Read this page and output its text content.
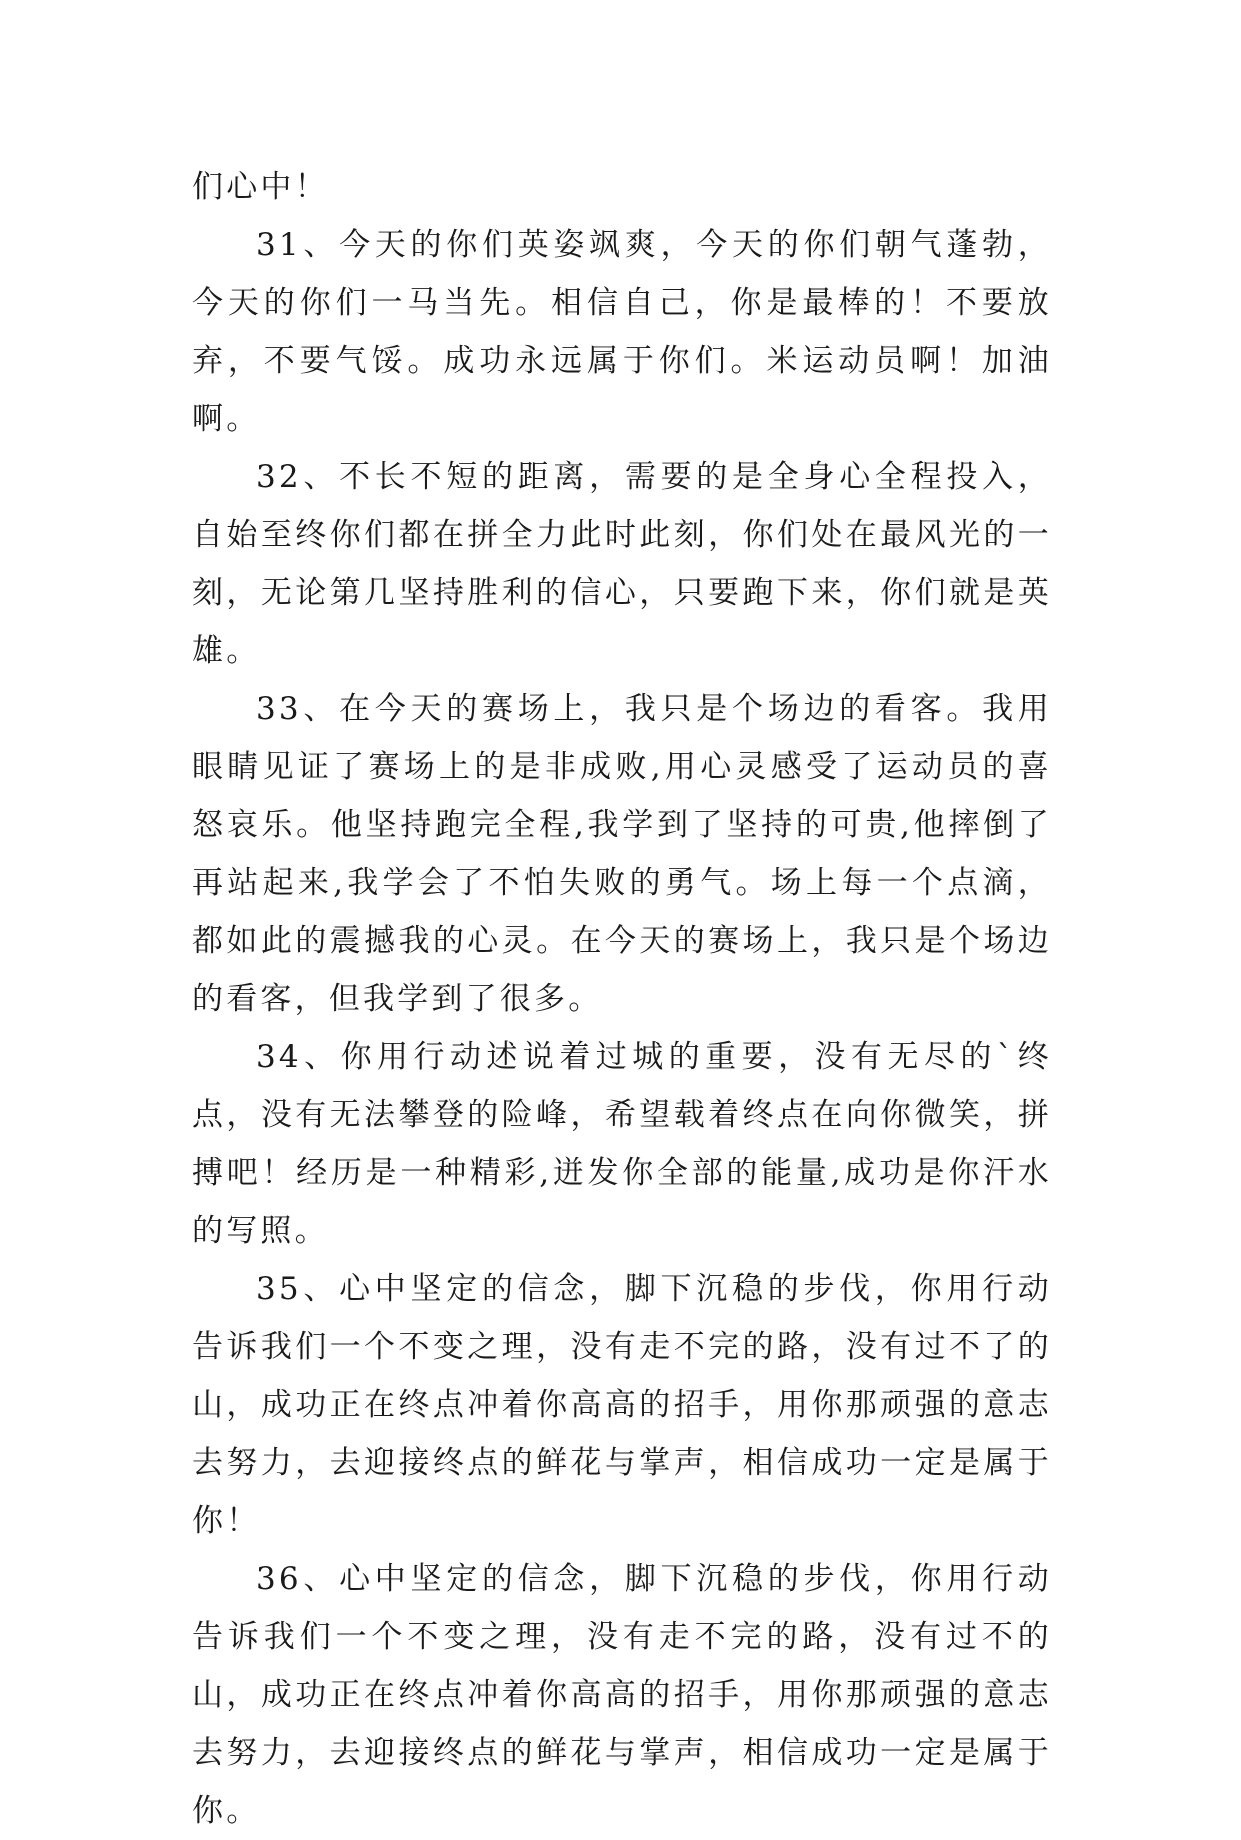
们心中！

31、今天的你们英姿飒爽，今天的你们朝气蓬勃，今天的你们一马当先。相信自己，你是最棒的！不要放弃，不要气馁。成功永远属于你们。米运动员啊！加油啊。

32、不长不短的距离，需要的是全身心全程投入，自始至终你们都在拼全力此时此刻，你们处在最风光的一刻，无论第几坚持胜利的信心，只要跑下来，你们就是英雄。

33、在今天的赛场上，我只是个场边的看客。我用眼睛见证了赛场上的是非成败,用心灵感受了运动员的喜怒哀乐。他坚持跑完全程,我学到了坚持的可贵,他摔倒了再站起来,我学会了不怕失败的勇气。场上每一个点滴，都如此的震撼我的心灵。在今天的赛场上，我只是个场边的看客，但我学到了很多。

34、你用行动述说着过城的重要，没有无尽的`终点，没有无法攀登的险峰，希望载着终点在向你微笑，拼搏吧！经历是一种精彩,迸发你全部的能量,成功是你汗水的写照。

35、心中坚定的信念，脚下沉稳的步伐，你用行动告诉我们一个不变之理，没有走不完的路，没有过不了的山，成功正在终点冲着你高高的招手，用你那顽强的意志去努力，去迎接终点的鲜花与掌声，相信成功一定是属于你！

36、心中坚定的信念，脚下沉稳的步伐，你用行动告诉我们一个不变之理，没有走不完的路，没有过不的山，成功正在终点冲着你高高的招手，用你那顽强的意志去努力，去迎接终点的鲜花与掌声，相信成功一定是属于你。
